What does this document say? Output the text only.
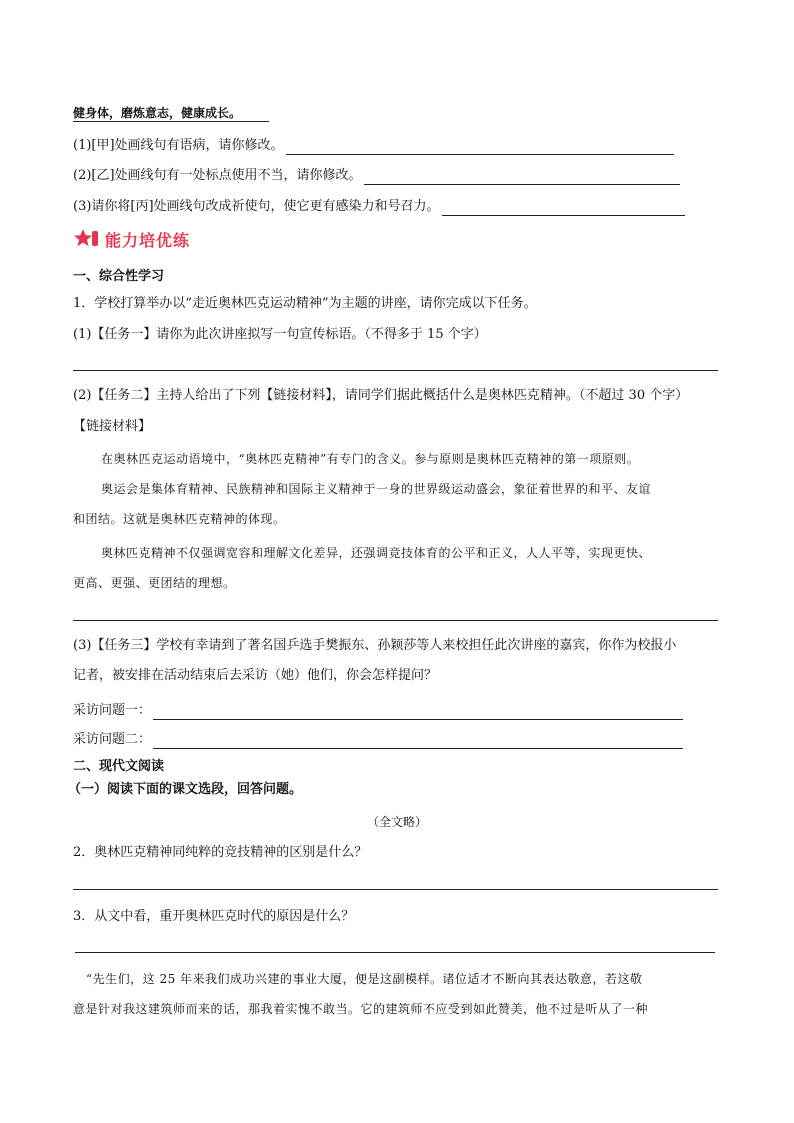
健身体，磨炼意志，健康成长。
(1)[甲]处画线句有语病，请你修改。
(2)[乙]处画线句有一处标点使用不当，请你修改。
(3)请你将[丙]处画线句改成祈使句，使它更有感染力和号召力。
能力培优练
一、综合性学习
1．学校打算举办以“走近奥林匹克运动精神”为主题的讲座，请你完成以下任务。
(1)【任务一】请你为此次讲座拟写一句宣传标语。（不得多于 15 个字）
(2)【任务二】主持人给出了下列【链接材料】，请同学们据此概括什么是奥林匹克精神。（不超过 30 个字）
【链接材料】
在奥林匹克运动语境中，“奥林匹克精神”有专门的含义。参与原则是奥林匹克精神的第一项原则。
奥运会是集体育精神、民族精神和国际主义精神于一身的世界级运动盛会，象征着世界的和平、友谊
和团结。这就是奥林匹克精神的体现。
奥林匹克精神不仅强调宽容和理解文化差异，还强调竞技体育的公平和正义，人人平等，实现更快、
更高、更强、更团结的理想。
(3)【任务三】学校有幸请到了著名国乒选手樊振东、孙颖莎等人来校担任此次讲座的嘉宾，你作为校报小
记者，被安排在活动结束后去采访（她）他们，你会怎样提问？
采访问题一：
采访问题二：
二、现代文阅读
（一）阅读下面的课文选段，回答问题。
（全文略）
2．奥林匹克精神同纯粹的竞技精神的区别是什么？
3．从文中看，重开奥林匹克时代的原因是什么？
“先生们，这 25 年来我们成功兴建的事业大厦，便是这副模样。诸位适才不断向其表达敬意，若这敬
意是针对我这建筑师而来的话，那我着实愧不敢当。它的建筑师不应受到如此赞美，他不过是听从了一种
